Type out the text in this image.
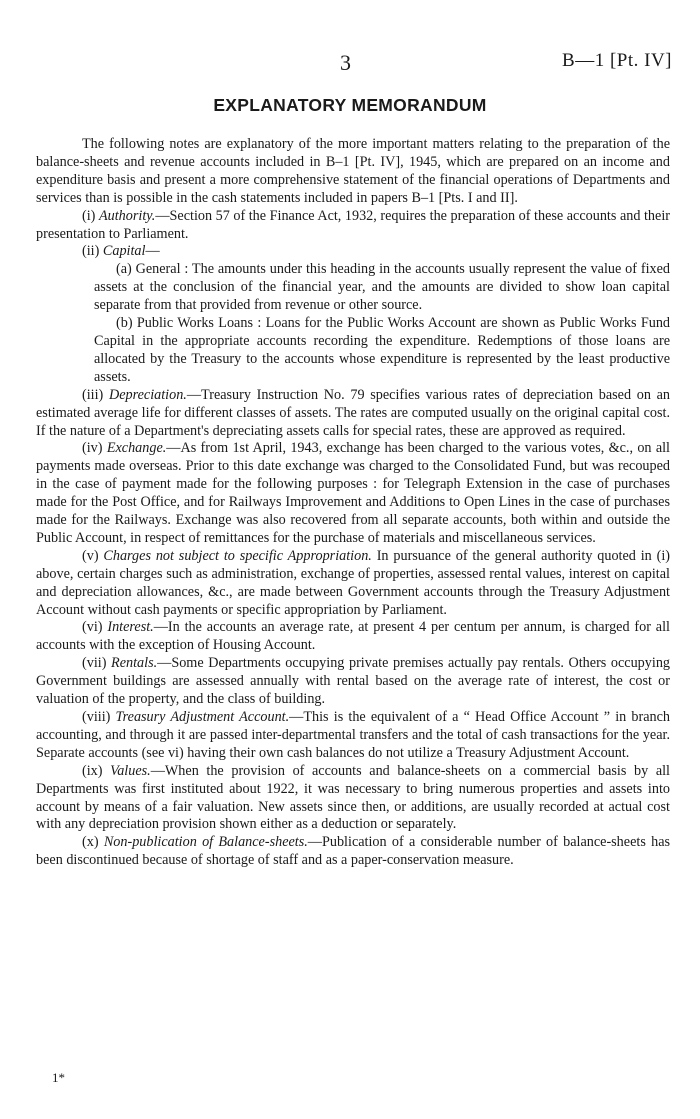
3	B—1 [Pt. IV]
EXPLANATORY MEMORANDUM

The following notes are explanatory of the more important matters relating to the preparation of the balance-sheets and revenue accounts included in B–1 [Pt. IV], 1945, which are prepared on an income and expenditure basis and present a more comprehensive statement of the financial operations of Departments and services than is possible in the cash statements included in papers B–1 [Pts. I and II].

(i) Authority.—Section 57 of the Finance Act, 1932, requires the preparation of these accounts and their presentation to Parliament.

(ii) Capital—

(a) General : The amounts under this heading in the accounts usually represent the value of fixed assets at the conclusion of the financial year, and the amounts are divided to show loan capital separate from that provided from revenue or other source.

(b) Public Works Loans : Loans for the Public Works Account are shown as Public Works Fund Capital in the appropriate accounts recording the expenditure. Redemptions of those loans are allocated by the Treasury to the accounts whose expenditure is represented by the least productive assets.

(iii) Depreciation.—Treasury Instruction No. 79 specifies various rates of depreciation based on an estimated average life for different classes of assets. The rates are computed usually on the original capital cost. If the nature of a Department's depreciating assets calls for special rates, these are approved as required.

(iv) Exchange.—As from 1st April, 1943, exchange has been charged to the various votes, &c., on all payments made overseas. Prior to this date exchange was charged to the Consolidated Fund, but was recouped in the case of payment made for the following purposes : for Telegraph Extension in the case of purchases made for the Post Office, and for Railways Improvement and Additions to Open Lines in the case of purchases made for the Railways. Exchange was also recovered from all separate accounts, both within and outside the Public Account, in respect of remittances for the purchase of materials and miscellaneous services.

(v) Charges not subject to specific Appropriation. In pursuance of the general authority quoted in (i) above, certain charges such as administration, exchange of properties, assessed rental values, interest on capital and depreciation allowances, &c., are made between Government accounts through the Treasury Adjustment Account without cash payments or specific appropriation by Parliament.

(vi) Interest.—In the accounts an average rate, at present 4 per centum per annum, is charged for all accounts with the exception of Housing Account.

(vii) Rentals.—Some Departments occupying private premises actually pay rentals. Others occupying Government buildings are assessed annually with rental based on the average rate of interest, the cost or valuation of the property, and the class of building.

(viii) Treasury Adjustment Account.—This is the equivalent of a “ Head Office Account ” in branch accounting, and through it are passed inter-departmental transfers and the total of cash transactions for the year. Separate accounts (see vi) having their own cash balances do not utilize a Treasury Adjustment Account.

(ix) Values.—When the provision of accounts and balance-sheets on a commercial basis by all Departments was first instituted about 1922, it was necessary to bring numerous properties and assets into account by means of a fair valuation. New assets since then, or additions, are usually recorded at actual cost with any depreciation provision shown either as a deduction or separately.

(x) Non-publication of Balance-sheets.—Publication of a considerable number of balance-sheets has been discontinued because of shortage of staff and as a paper-conservation measure.

1*
